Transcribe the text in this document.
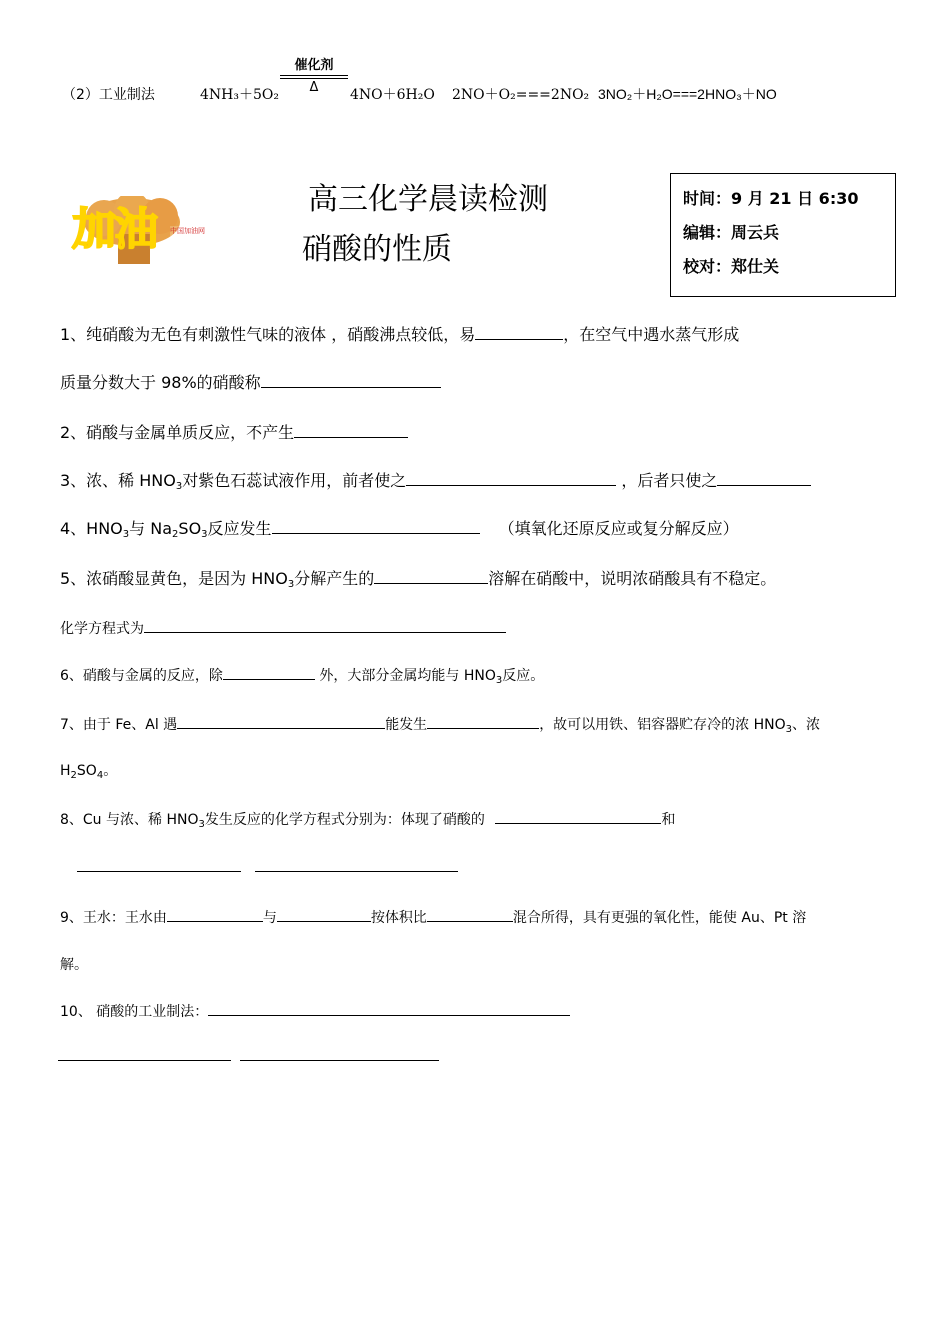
（2）工业制法	4NH₃＋5O₂
催化剂
Δ	4NO＋6H₂O 2NO＋O₂===2NO₂ 3NO₂＋H₂O===2HNO₃＋NO
加油 中国加油网
高三化学晨读检测
硝酸的性质
时间：9 月 21 日 6:30
编辑：周云兵
校对：郑仕关
1、纯硝酸为无色有刺激性气味的液体 ，硝酸沸点较低，易	，在空气中遇水蒸气形成
质量分数大于 98%的硝酸称
2、硝酸与金属单质反应，不产生
3、浓、稀 $HNO_3$对紫色石蕊试液作用，前者使之	，后者只使之
4、$HNO_3$与 $Na_2SO_3$反应发生	（填氧化还原反应或复分解反应）
5、浓硝酸显黄色，是因为 $HNO_3$分解产生的	溶解在硝酸中，说明浓硝酸具有不稳定。
化学方程式为
6、硝酸与金属的反应，除	外，大部分金属均能与 $HNO_3$反应。
7、由于 Fe、Al 遇	能发生	，故可以用铁、铝容器贮存冷的浓 $HNO_3$、浓
$H_2SO_4$。
8、Cu 与浓、稀 $HNO_3$发生反应的化学方程式分别为：体现了硝酸的	和
9、王水：王水由	与	按体积比	混合所得，具有更强的氧化性，能使 Au、Pt 溶
解。
10、 硝酸的工业制法：
